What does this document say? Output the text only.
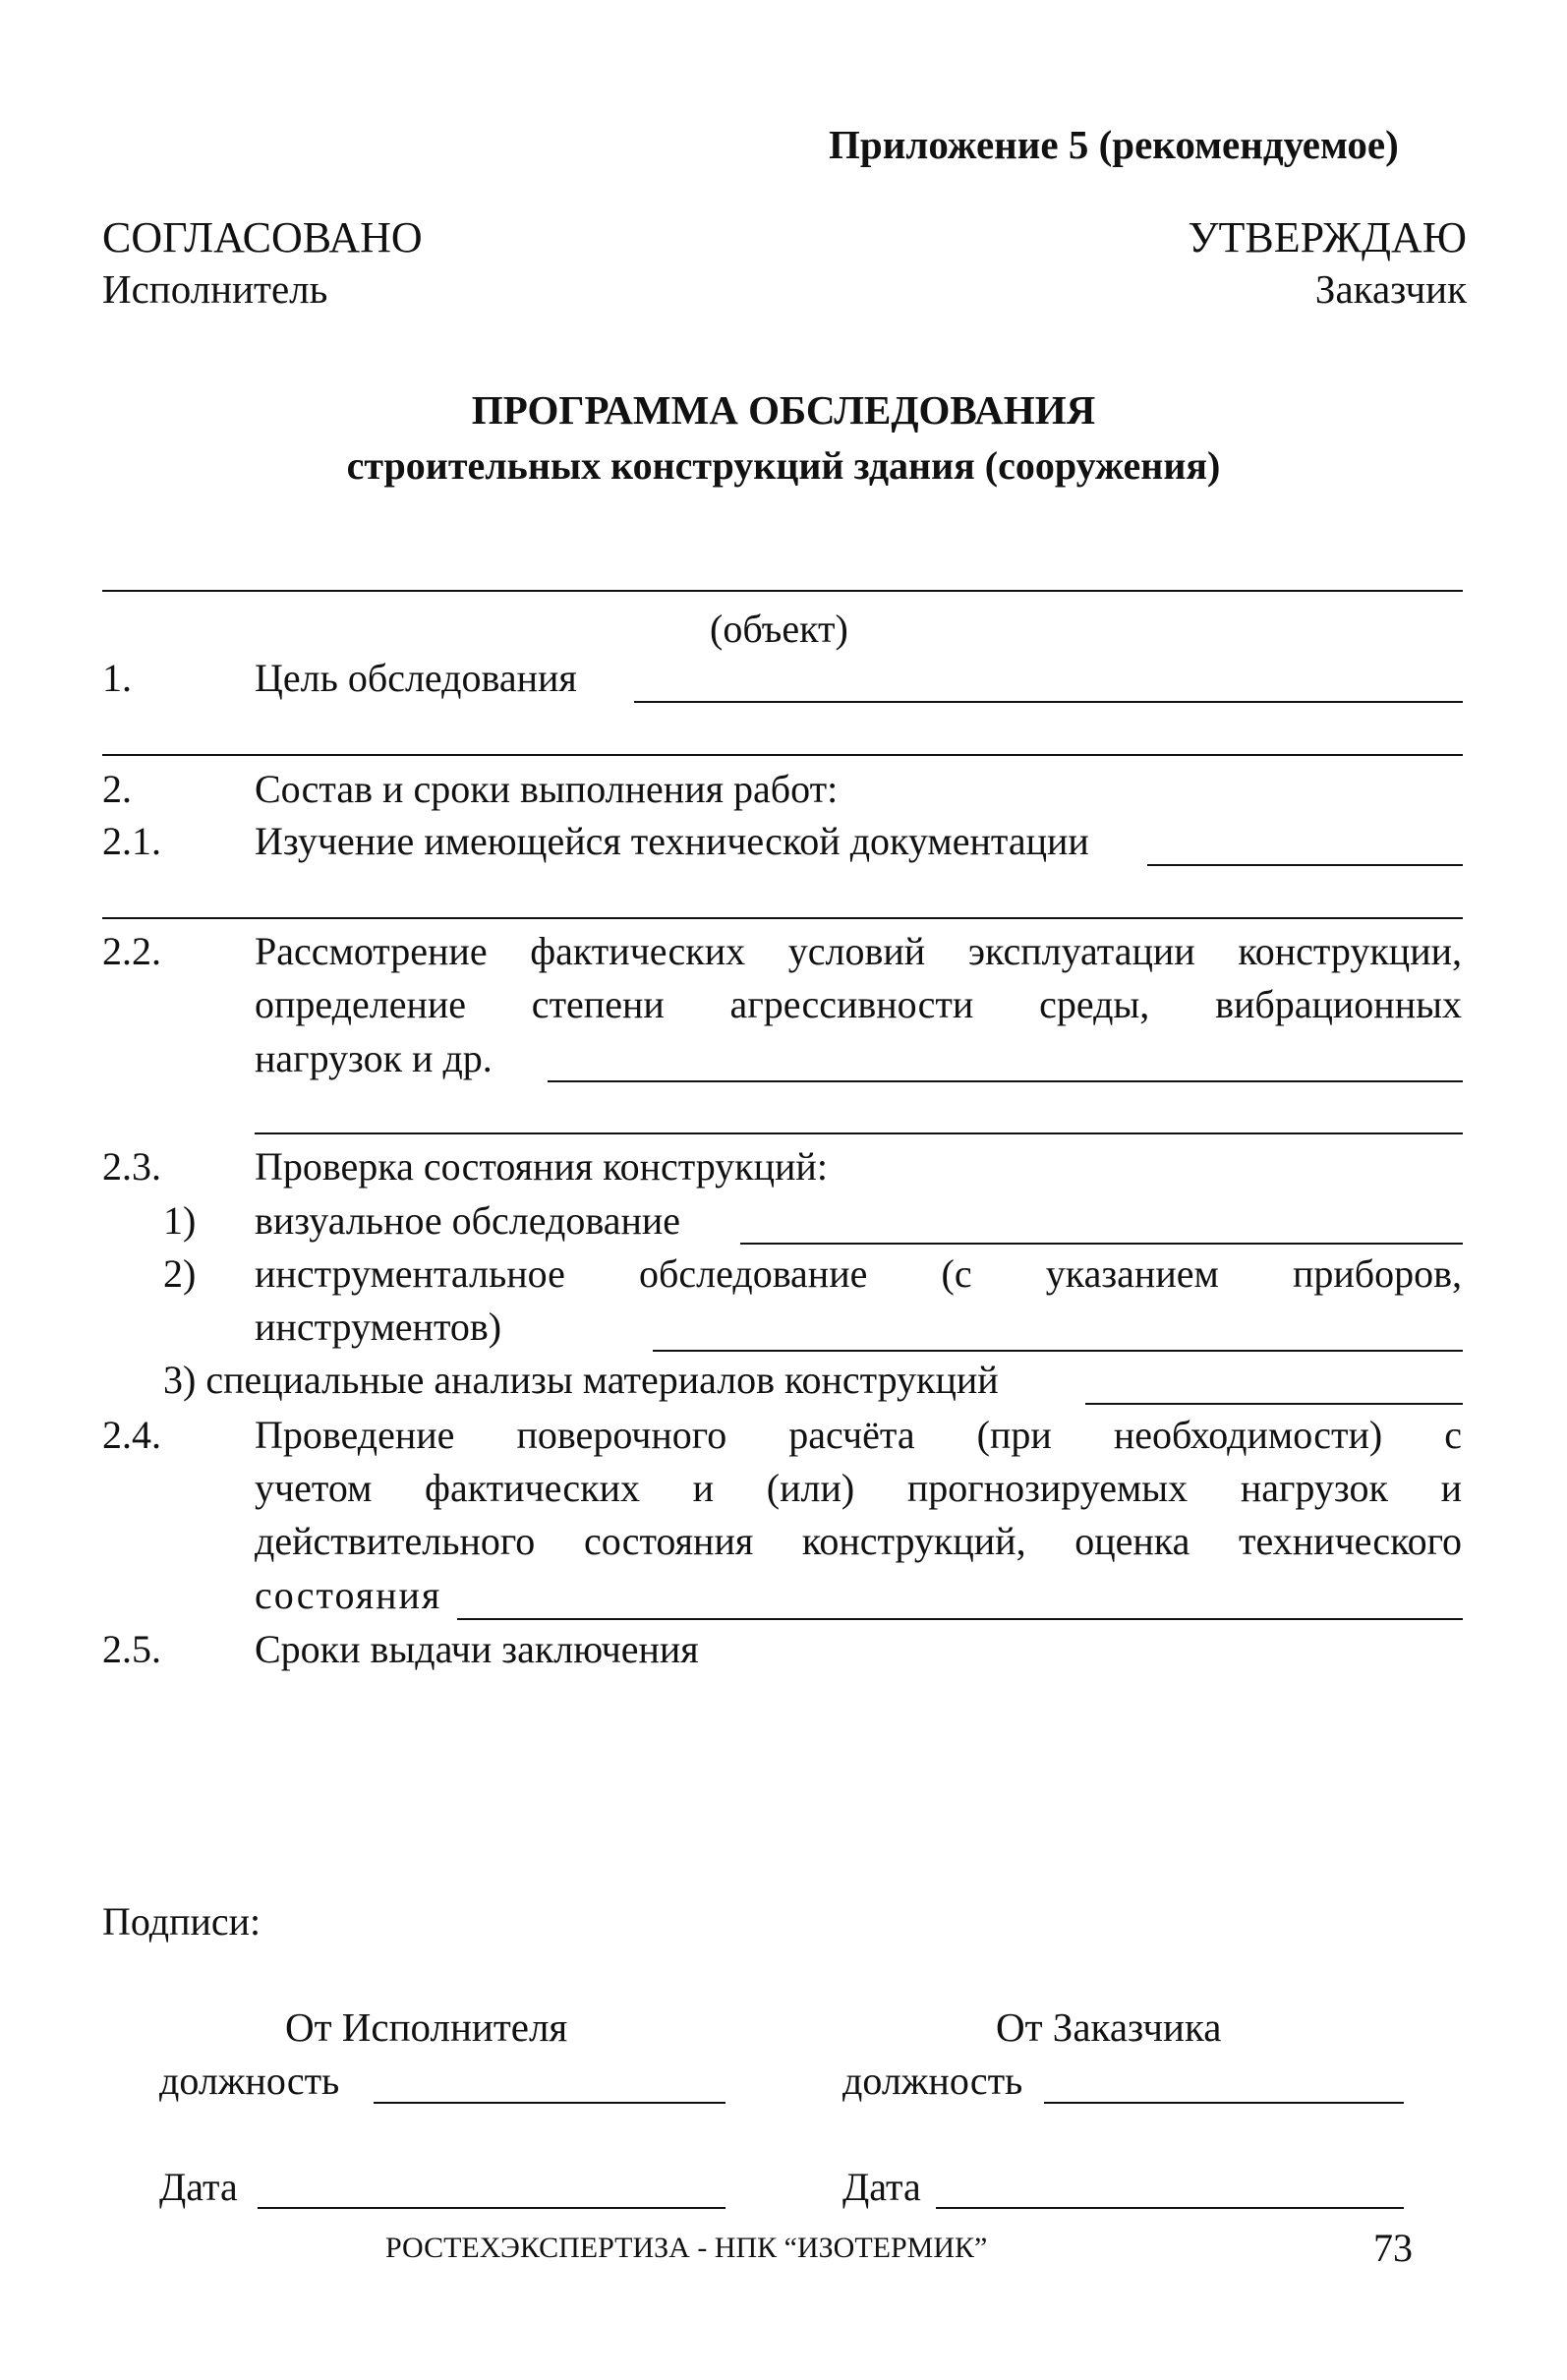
Приложение 5 (рекомендуемое)
СОГЛАСОВАНО
Исполнитель
УТВЕРЖДАЮ
Заказчик
ПРОГРАММА ОБСЛЕДОВАНИЯ
строительных конструкций здания (сооружения)
(объект)
1.	Цель обследования
2.	Состав и сроки выполнения работ:
2.1. Изучение имеющейся технической документации
2.2. Рассмотрение фактических условий эксплуатации конструкции,
определение степени агрессивности среды, вибрационных
нагрузок и др.
2.3. Проверка состояния конструкций:
1) визуальное обследование
2) инструментальное обследование (с указанием приборов,
инструментов)
3) специальные анализы материалов конструкций
2.4. Проведение поверочного расчёта (при необходимости) с
учетом фактических и (или) прогнозируемых нагрузок и
действительного состояния конструкций, оценка технического
состояния
2.5. Сроки выдачи заключения
Подписи:
От Исполнителя	От Заказчика
должность	должность
Дата	Дата
РОСТЕХЭКСПЕРТИЗА - НПК “ИЗОТЕРМИК”	73
